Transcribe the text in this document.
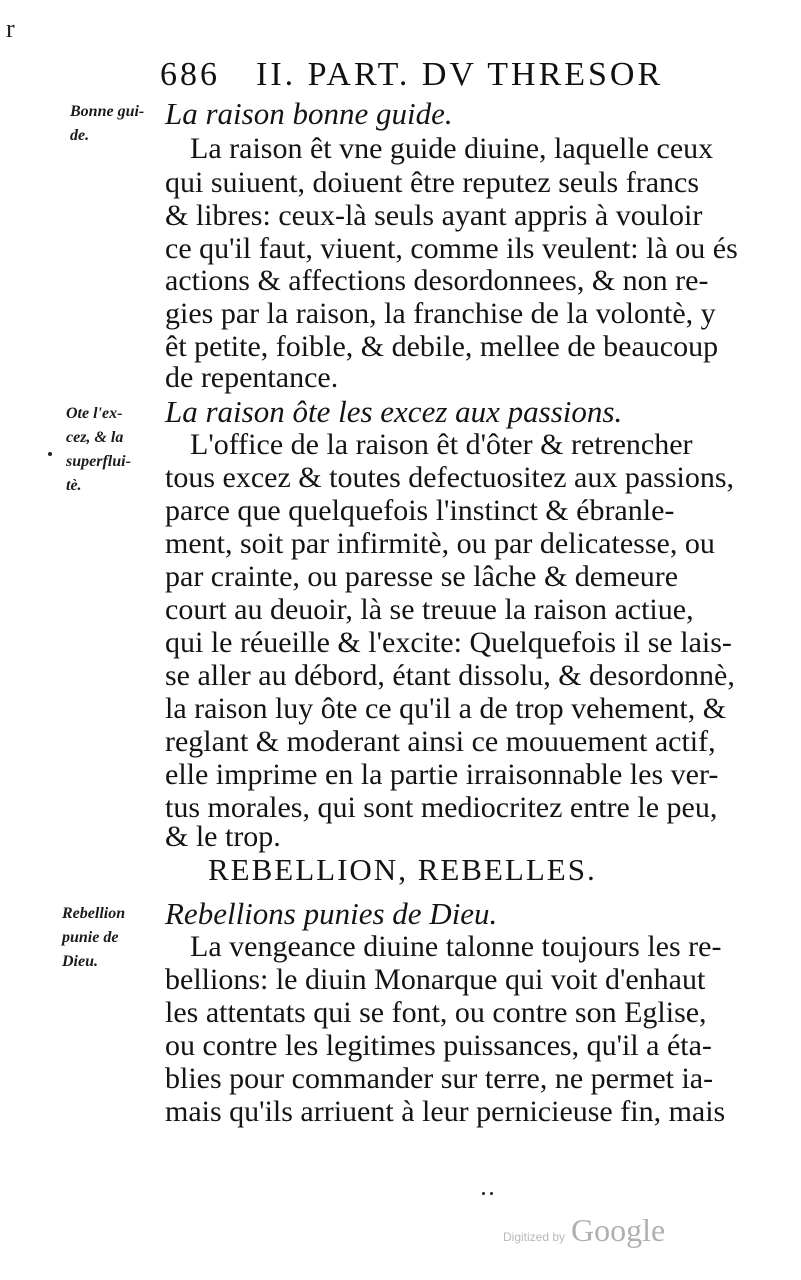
r
686 II. PART. DV THRESOR
Bonne gui-
de.
La raison bonne guide.
La raison êt vne guide diuine, laquelle ceux
qui suiuent, doiuent être reputez seuls francs
& libres: ceux-là seuls ayant appris à vouloir
ce qu'il faut, viuent, comme ils veulent: là ou és
actions & affections desordonnees, & non re-
gies par la raison, la franchise de la volontè, y
êt petite, foible, & debile, mellee de beaucoup
de repentance.
Ote l'ex-
cez, & la
superflui-
tè.
La raison ôte les excez aux passions.
L'office de la raison êt d'ôter & retrencher
tous excez & toutes defectuositez aux passions,
parce que quelquefois l'instinct & ébranle-
ment, soit par infirmitè, ou par delicatesse, ou
par crainte, ou paresse se lâche & demeure
court au deuoir, là se treuue la raison actiue,
qui le réueille & l'excite: Quelquefois il se lais-
se aller au débord, étant dissolu, & desordonnè,
la raison luy ôte ce qu'il a de trop vehement, &
reglant & moderant ainsi ce mouuement actif,
elle imprime en la partie irraisonnable les ver-
tus morales, qui sont mediocritez entre le peu,
& le trop.
REBELLION, REBELLES.
Rebellion
punie de
Dieu.
Rebellions punies de Dieu.
La vengeance diuine talonne toujours les re-
bellions: le diuin Monarque qui voit d'enhaut
les attentats qui se font, ou contre son Eglise,
ou contre les legitimes puissances, qu'il a éta-
blies pour commander sur terre, ne permet ia-
mais qu'ils arriuent à leur pernicieuse fin, mais
Digitized by Google
